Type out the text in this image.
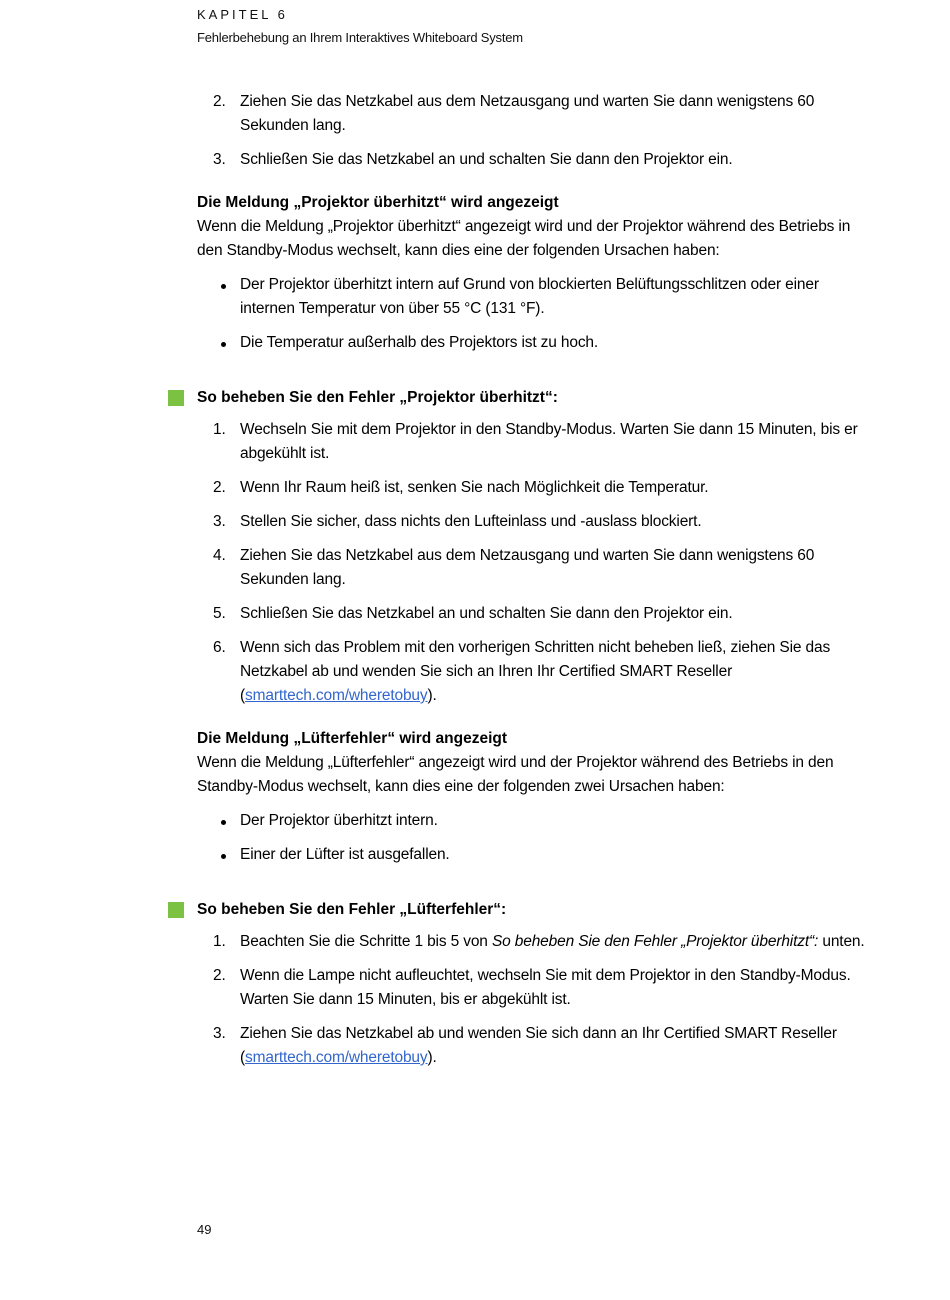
KAPITEL 6
Fehlerbehebung an Ihrem Interaktives Whiteboard System
2. Ziehen Sie das Netzkabel aus dem Netzausgang und warten Sie dann wenigstens 60 Sekunden lang.
3. Schließen Sie das Netzkabel an und schalten Sie dann den Projektor ein.
Die Meldung „Projektor überhitzt“ wird angezeigt
Wenn die Meldung „Projektor überhitzt“ angezeigt wird und der Projektor während des Betriebs in den Standby-Modus wechselt, kann dies eine der folgenden Ursachen haben:
Der Projektor überhitzt intern auf Grund von blockierten Belüftungsschlitzen oder einer internen Temperatur von über 55 °C (131 °F).
Die Temperatur außerhalb des Projektors ist zu hoch.
So beheben Sie den Fehler „Projektor überhitzt“:
1. Wechseln Sie mit dem Projektor in den Standby-Modus. Warten Sie dann 15 Minuten, bis er abgekühlt ist.
2. Wenn Ihr Raum heiß ist, senken Sie nach Möglichkeit die Temperatur.
3. Stellen Sie sicher, dass nichts den Lufteinlass und -auslass blockiert.
4. Ziehen Sie das Netzkabel aus dem Netzausgang und warten Sie dann wenigstens 60 Sekunden lang.
5. Schließen Sie das Netzkabel an und schalten Sie dann den Projektor ein.
6. Wenn sich das Problem mit den vorherigen Schritten nicht beheben ließ, ziehen Sie das Netzkabel ab und wenden Sie sich an Ihren Ihr Certified SMART Reseller (smarttech.com/wheretobuy).
Die Meldung „Lüfterfehler“ wird angezeigt
Wenn die Meldung „Lüfterfehler“ angezeigt wird und der Projektor während des Betriebs in den Standby-Modus wechselt, kann dies eine der folgenden zwei Ursachen haben:
Der Projektor überhitzt intern.
Einer der Lüfter ist ausgefallen.
So beheben Sie den Fehler „Lüfterfehler“:
1. Beachten Sie die Schritte 1 bis 5 von So beheben Sie den Fehler „Projektor überhitzt“: unten.
2. Wenn die Lampe nicht aufleuchtet, wechseln Sie mit dem Projektor in den Standby-Modus. Warten Sie dann 15 Minuten, bis er abgekühlt ist.
3. Ziehen Sie das Netzkabel ab und wenden Sie sich dann an Ihr Certified SMART Reseller (smarttech.com/wheretobuy).
49
